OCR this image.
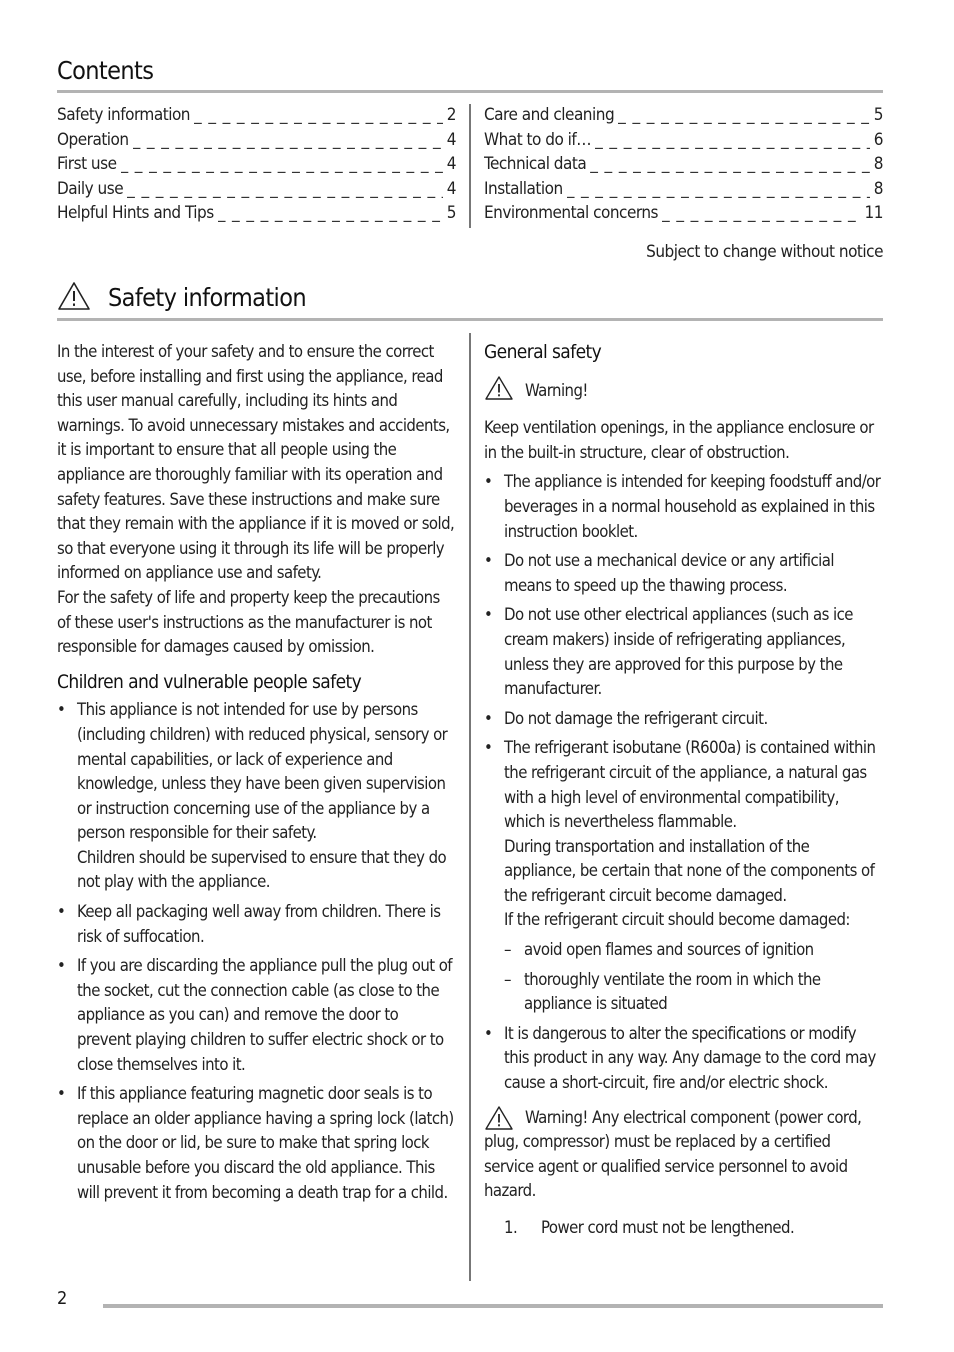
Contents
Safety information _ _ _	2
Operation _ _ _	4
First use _ _ _	4
Daily use _ _ _	4
Helpful Hints and Tips _ _ _	5
Care and cleaning _ _ _	5
What to do if… _ _ _	6
Technical data _ _ _	8
Installation _ _ _	8
Environmental concerns _ _ _	11
Subject to change without notice
Safety information

In the interest of your safety and to ensure the correct use, before installing and first using the appliance, read this user manual carefully, including its hints and warnings. To avoid unnecessary mistakes and accidents, it is important to ensure that all people using the appliance are thoroughly familiar with its operation and safety features. Save these instructions and make sure that they remain with the appliance if it is moved or sold, so that everyone using it through its life will be properly informed on appliance use and safety.

For the safety of life and property keep the precautions of these user's instructions as the manufacturer is not responsible for damages caused by omission.

Children and vulnerable people safety

• This appliance is not intended for use by persons (including children) with reduced physical, sensory or mental capabilities, or lack of experience and knowledge, unless they have been given supervision or instruction concerning use of the appliance by a person responsible for their safety.
Children should be supervised to ensure that they do not play with the appliance.
• Keep all packaging well away from children. There is risk of suffocation.
• If you are discarding the appliance pull the plug out of the socket, cut the connection cable (as close to the appliance as you can) and remove the door to prevent playing children to suffer electric shock or to close themselves into it.
• If this appliance featuring magnetic door seals is to replace an older appliance having a spring lock (latch) on the door or lid, be sure to make that spring lock unusable before you discard the old appliance. This will prevent it from becoming a death trap for a child.

General safety

Warning!

Keep ventilation openings, in the appliance enclosure or in the built-in structure, clear of obstruction.

• The appliance is intended for keeping foodstuff and/or beverages in a normal household as explained in this instruction booklet.
• Do not use a mechanical device or any artificial means to speed up the thawing process.
• Do not use other electrical appliances (such as ice cream makers) inside of refrigerating appliances, unless they are approved for this purpose by the manufacturer.
• Do not damage the refrigerant circuit.
• The refrigerant isobutane (R600a) is contained within the refrigerant circuit of the appliance, a natural gas with a high level of environmental compatibility, which is nevertheless flammable.
During transportation and installation of the appliance, be certain that none of the components of the refrigerant circuit become damaged.
If the refrigerant circuit should become damaged:
– avoid open flames and sources of ignition
– thoroughly ventilate the room in which the appliance is situated
• It is dangerous to alter the specifications or modify this product in any way. Any damage to the cord may cause a short-circuit, fire and/or electric shock.

Warning! Any electrical component (power cord, plug, compressor) must be replaced by a certified service agent or qualified service personnel to avoid hazard.

1.	Power cord must not be lengthened.
2
